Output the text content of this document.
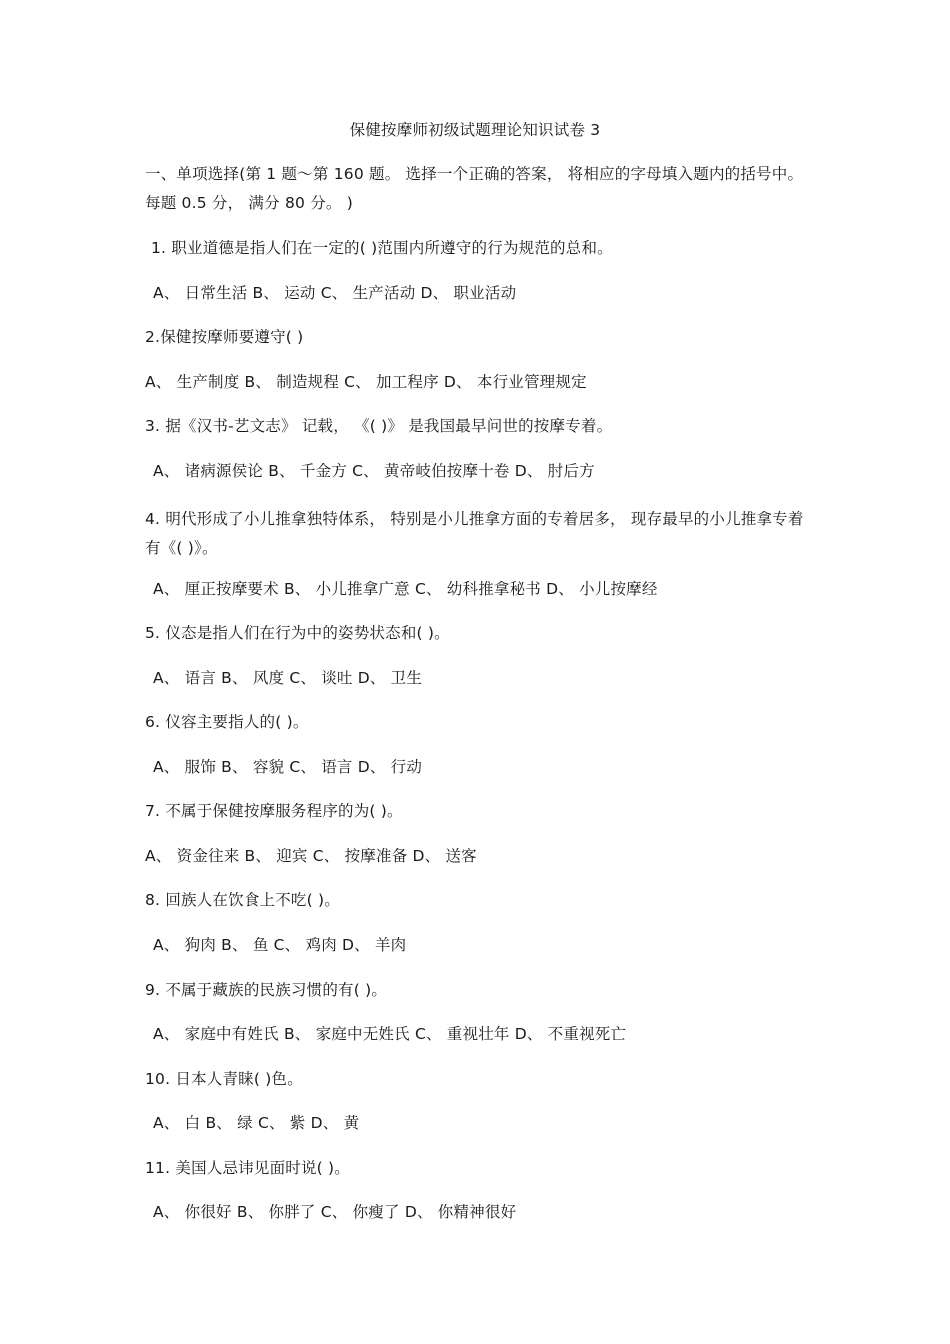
保健按摩师初级试题理论知识试卷 3
一、单项选择(第 1 题～第 160 题。 选择一个正确的答案， 将相应的字母填入题内的括号中。每题 0.5 分， 满分 80 分。 )
1. 职业道德是指人们在一定的( )范围内所遵守的行为规范的总和。
A、 日常生活 B、 运动 C、 生产活动 D、 职业活动
2.保健按摩师要遵守( )
A、 生产制度 B、 制造规程 C、 加工程序 D、 本行业管理规定
3. 据《汉书-艺文志》 记载， 《( )》 是我国最早问世的按摩专着。
A、 诸病源侯论 B、 千金方 C、 黄帝岐伯按摩十卷 D、 肘后方
4. 明代形成了小儿推拿独特体系， 特别是小儿推拿方面的专着居多， 现存最早的小儿推拿专着有《( )》。
A、 厘正按摩要术 B、 小儿推拿广意 C、 幼科推拿秘书 D、 小儿按摩经
5. 仪态是指人们在行为中的姿势状态和( )。
A、 语言 B、 风度 C、 谈吐 D、 卫生
6. 仪容主要指人的( )。
A、 服饰 B、 容貌 C、 语言 D、 行动
7. 不属于保健按摩服务程序的为( )。
A、 资金往来 B、 迎宾 C、 按摩准备 D、 送客
8. 回族人在饮食上不吃( )。
A、 狗肉 B、 鱼 C、 鸡肉 D、 羊肉
9. 不属于藏族的民族习惯的有( )。
A、 家庭中有姓氏 B、 家庭中无姓氏 C、 重视壮年 D、 不重视死亡
10. 日本人青睐( )色。
A、 白 B、 绿 C、 紫 D、 黄
11. 美国人忌讳见面时说( )。
A、 你很好 B、 你胖了 C、 你瘦了 D、 你精神很好
